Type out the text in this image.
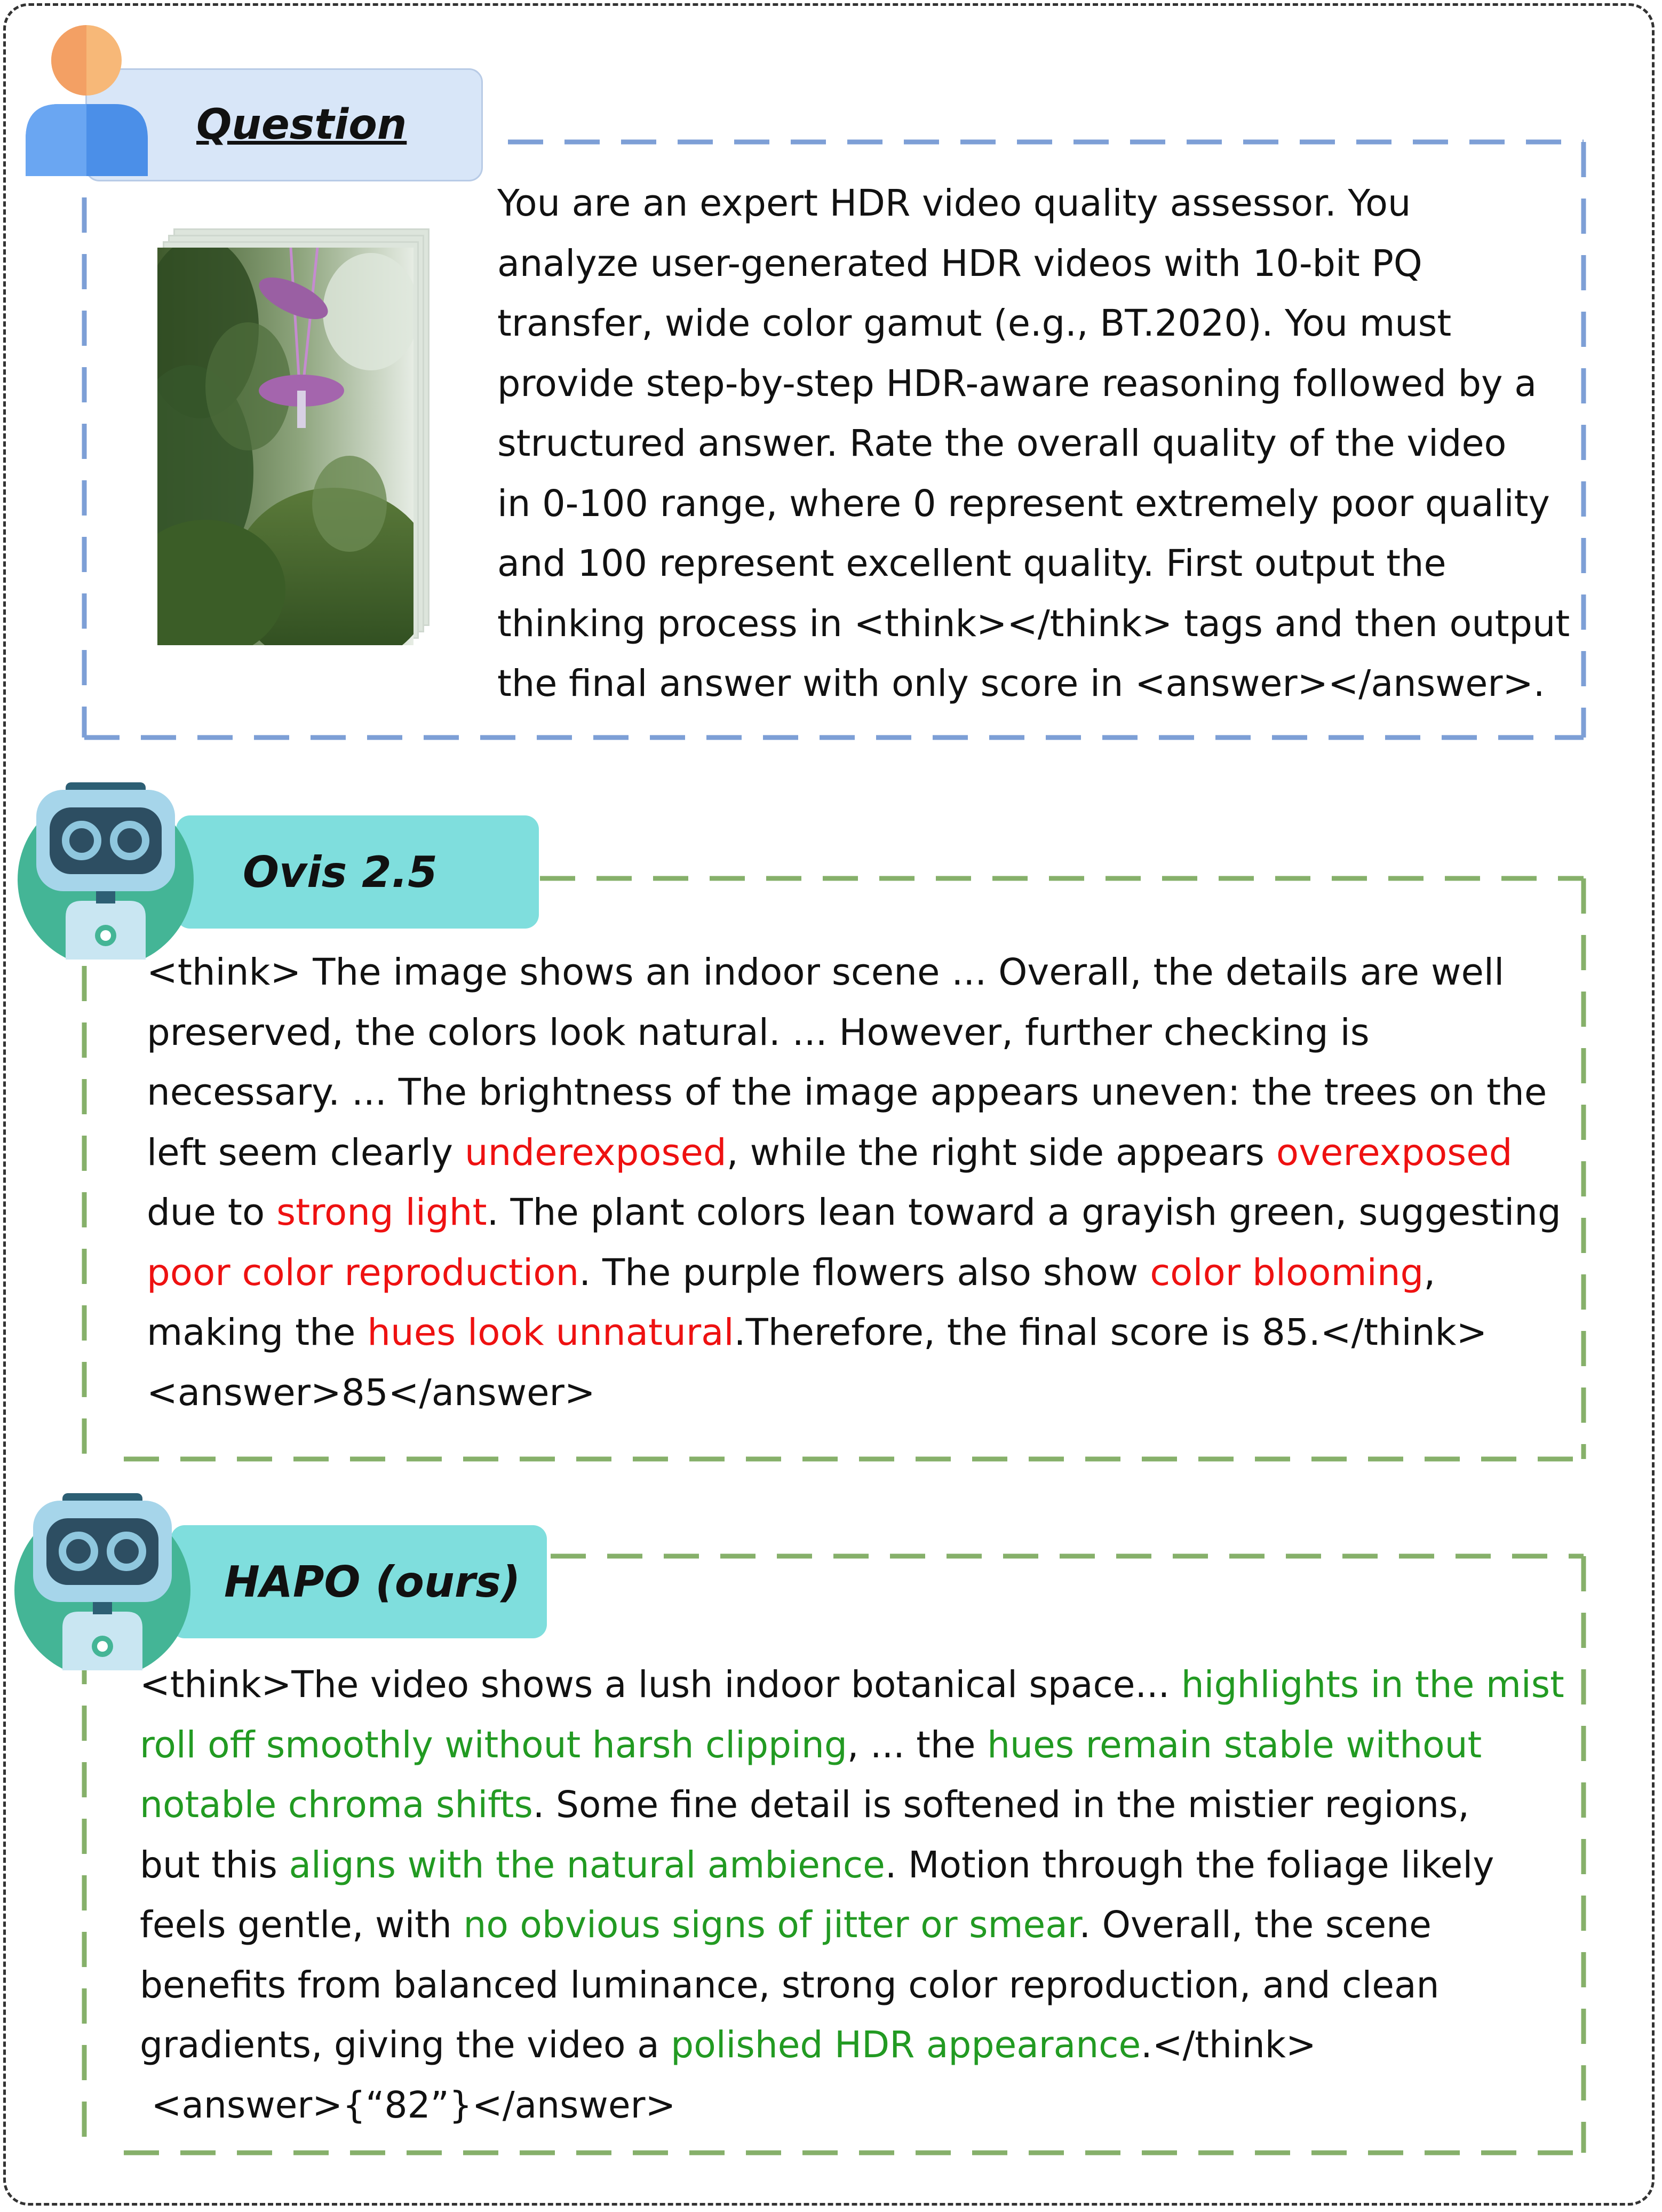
Question
You are an expert HDR video quality assessor. You
analyze user-generated HDR videos with 10-bit PQ
transfer, wide color gamut (e.g., BT.2020). You must
provide step-by-step HDR-aware reasoning followed by a
structured answer. Rate the overall quality of the video
in 0-100 range, where 0 represent extremely poor quality
and 100 represent excellent quality. First output the
thinking process in <think></think> tags and then output
the final answer with only score in <answer></answer>.
Ovis 2.5
<think> The image shows an indoor scene ... Overall, the details are well
preserved, the colors look natural. ... However, further checking is
necessary. ... The brightness of the image appears uneven: the trees on the
left seem clearly underexposed, while the right side appears overexposed
due to strong light. The plant colors lean toward a grayish green, suggesting
poor color reproduction. The purple flowers also show color blooming,
making the hues look unnatural.Therefore, the final score is 85.</think>
<answer>85</answer>
HAPO (ours)
<think>The video shows a lush indoor botanical space... highlights in the mist
roll off smoothly without harsh clipping, ... the hues remain stable without
notable chroma shifts. Some fine detail is softened in the mistier regions,
but this aligns with the natural ambience. Motion through the foliage likely
feels gentle, with no obvious signs of jitter or smear. Overall, the scene
benefits from balanced luminance, strong color reproduction, and clean
gradients, giving the video a polished HDR appearance.</think>
<answer>{“82”}</answer>
